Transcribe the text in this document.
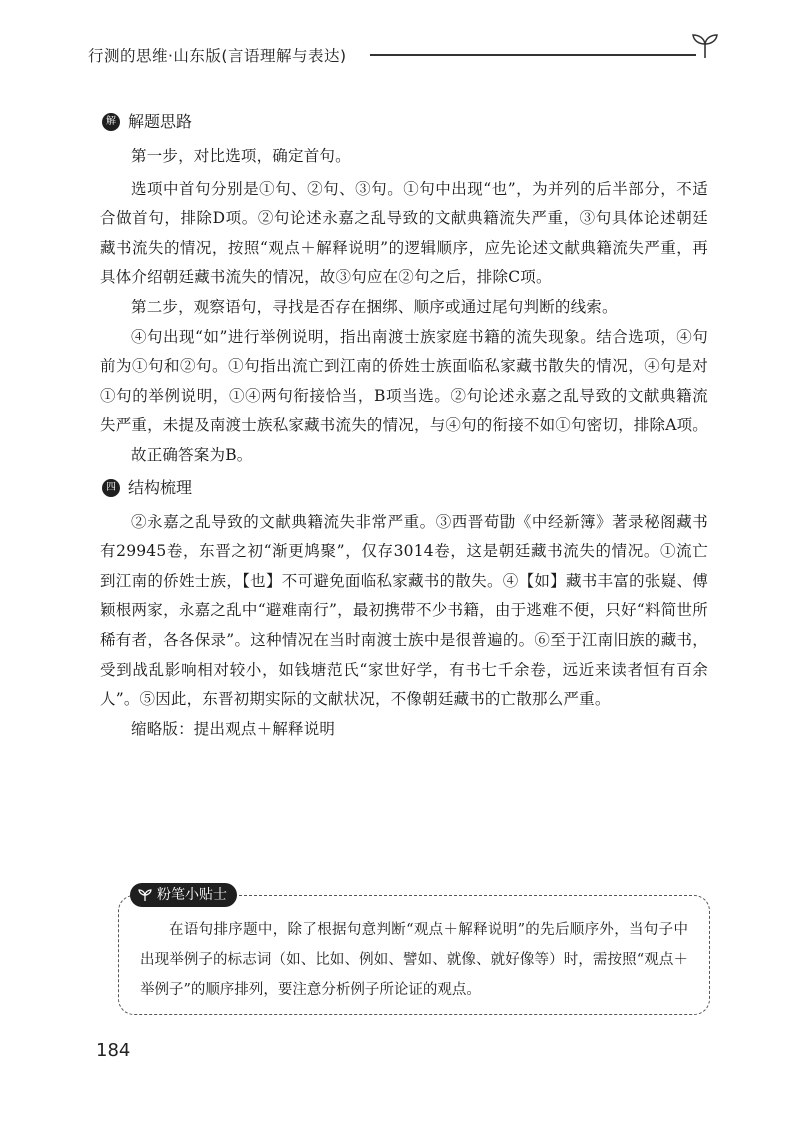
行测的思维·山东版(言语理解与表达)
解 解题思路

第一步，对比选项，确定首句。

选项中首句分别是①句、②句、③句。①句中出现“也”，为并列的后半部分，不适合做首句，排除D项。②句论述永嘉之乱导致的文献典籍流失严重，③句具体论述朝廷藏书流失的情况，按照“观点＋解释说明”的逻辑顺序，应先论述文献典籍流失严重，再具体介绍朝廷藏书流失的情况，故③句应在②句之后，排除C项。

第二步，观察语句，寻找是否存在捆绑、顺序或通过尾句判断的线索。

④句出现“如”进行举例说明，指出南渡士族家庭书籍的流失现象。结合选项，④句前为①句和②句。①句指出流亡到江南的侨姓士族面临私家藏书散失的情况，④句是对①句的举例说明，①④两句衔接恰当，B项当选。②句论述永嘉之乱导致的文献典籍流失严重，未提及南渡士族私家藏书流失的情况，与④句的衔接不如①句密切，排除A项。

故正确答案为B。

四 结构梳理

②永嘉之乱导致的文献典籍流失非常严重。③西晋荀勖《中经新簿》著录秘阁藏书有29945卷，东晋之初“渐更鸠聚”，仅存3014卷，这是朝廷藏书流失的情况。①流亡到江南的侨姓士族，【也】不可避免面临私家藏书的散失。④【如】藏书丰富的张嶷、傅颖根两家，永嘉之乱中“避难南行”，最初携带不少书籍，由于逃难不便，只好“料简世所稀有者，各各保录”。这种情况在当时南渡士族中是很普遍的。⑥至于江南旧族的藏书，受到战乱影响相对较小，如钱塘范氏“家世好学，有书七千余卷，远近来读者恒有百余人”。⑤因此，东晋初期实际的文献状况，不像朝廷藏书的亡散那么严重。

缩略版：提出观点＋解释说明

粉笔小贴士

在语句排序题中，除了根据句意判断“观点＋解释说明”的先后顺序外，当句子中出现举例子的标志词（如、比如、例如、譬如、就像、就好像等）时，需按照“观点＋举例子”的顺序排列，要注意分析例子所论证的观点。

184
